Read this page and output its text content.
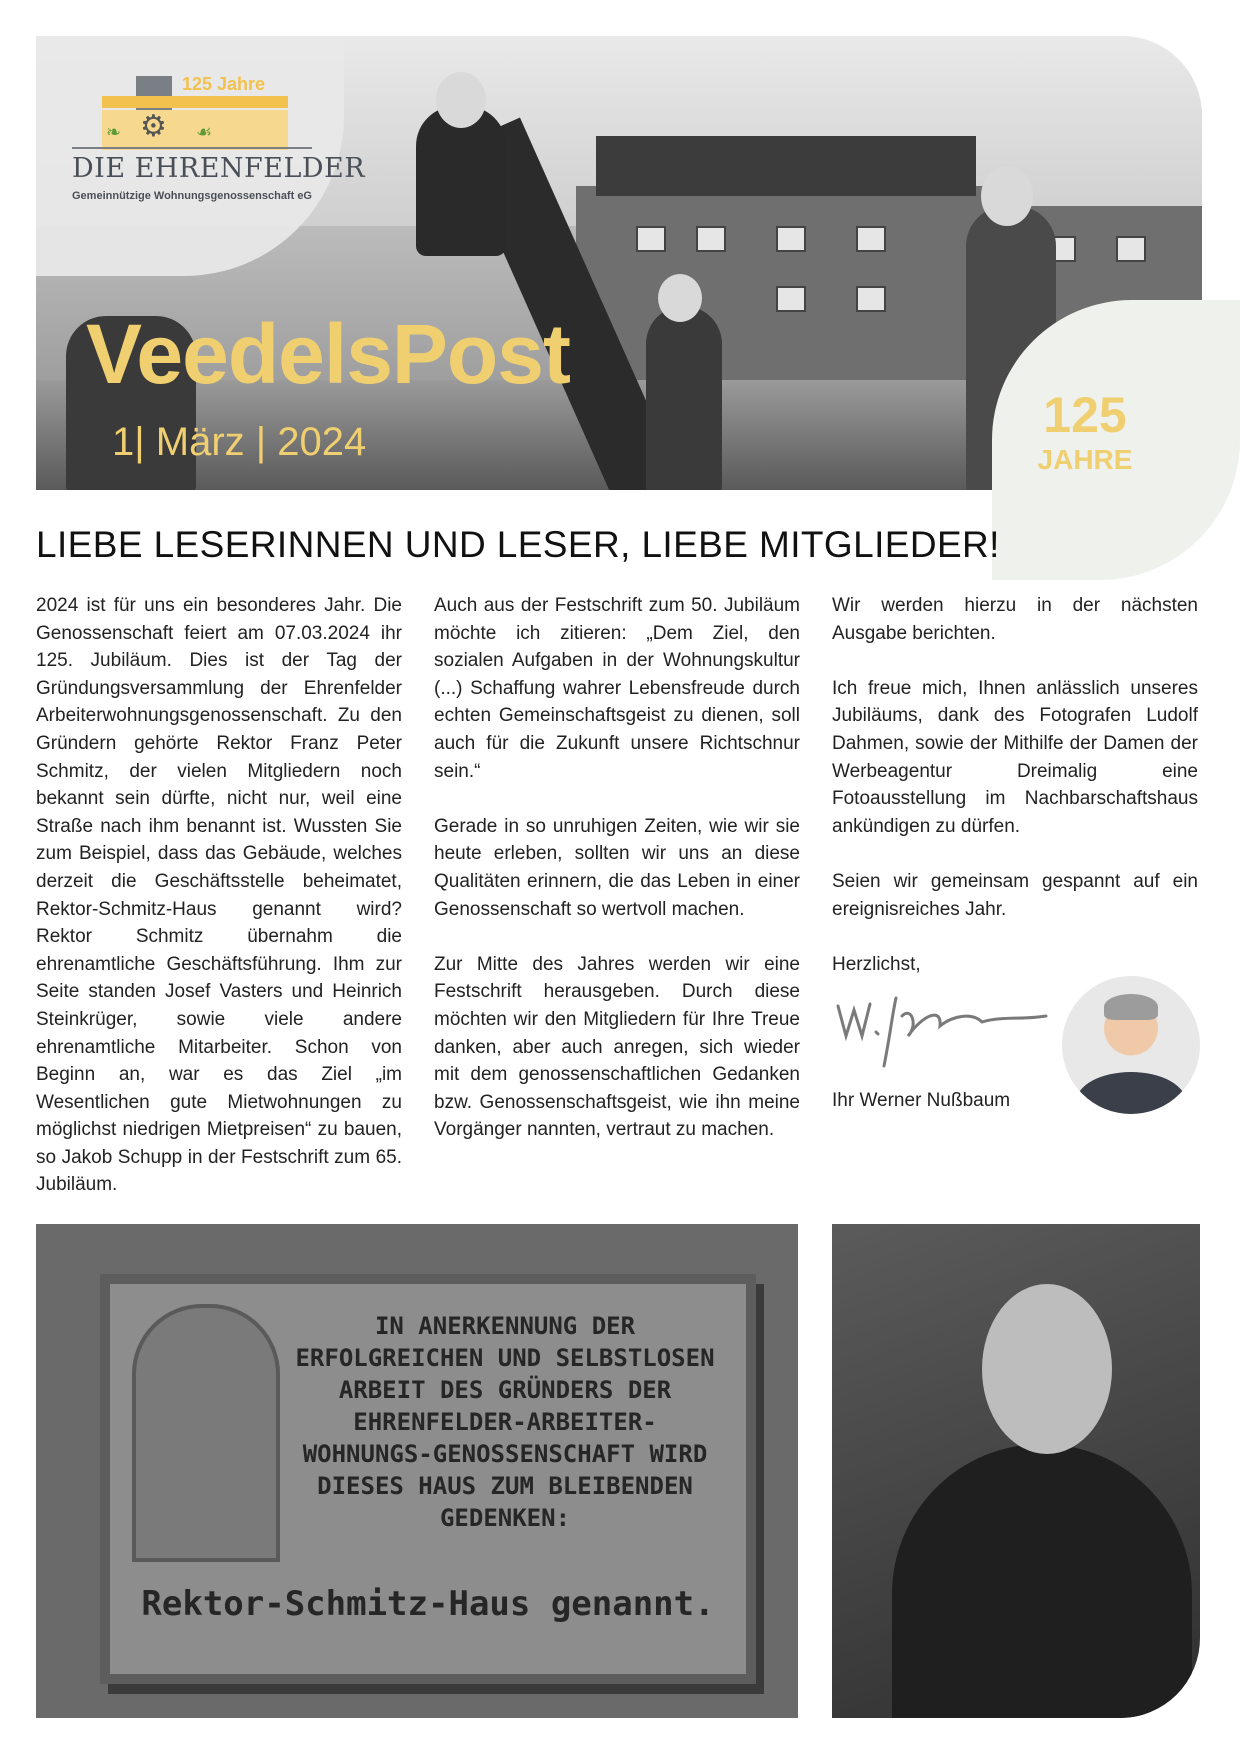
⚙
❧	☙
125 Jahre
DIE EHRENFELDER
Gemeinnützige Wohnungsgenossenschaft eG
VeedelsPost
1| März | 2024	125
JAHRE
LIEBE LESERINNEN UND LESER, LIEBE MITGLIEDER!

2024 ist für uns ein besonderes Jahr. Die Genossenschaft feiert am 07.03.2024 ihr 125. Jubiläum. Dies ist der Tag der Gründungsversammlung der Ehrenfelder Arbeiterwohnungsgenossenschaft. Zu den Gründern gehörte Rektor Franz Peter Schmitz, der vielen Mitgliedern noch bekannt sein dürfte, nicht nur, weil eine Straße nach ihm benannt ist. Wussten Sie zum Beispiel, dass das Gebäude, welches derzeit die Geschäftsstelle beheimatet, Rektor-Schmitz-Haus genannt wird? Rektor Schmitz übernahm die ehrenamtliche Geschäftsführung. Ihm zur Seite standen Josef Vasters und Heinrich Steinkrüger, sowie viele andere ehrenamtliche Mitarbeiter. Schon von Beginn an, war es das Ziel „im Wesentlichen gute Mietwohnungen zu möglichst niedrigen Mietpreisen“ zu bauen, so Jakob Schupp in der Festschrift zum 65. Jubiläum.

Auch aus der Festschrift zum 50. Jubiläum möchte ich zitieren: „Dem Ziel, den sozialen Aufgaben in der Wohnungskultur (...) Schaffung wahrer Lebensfreude durch echten Gemeinschaftsgeist zu dienen, soll auch für die Zukunft unsere Richtschnur sein.“

Gerade in so unruhigen Zeiten, wie wir sie heute erleben, sollten wir uns an diese Qualitäten erinnern, die das Leben in einer Genossenschaft so wertvoll machen.

Zur Mitte des Jahres werden wir eine Festschrift herausgeben. Durch diese möchten wir den Mitgliedern für Ihre Treue danken, aber auch anregen, sich wieder mit dem genossenschaftlichen Gedanken bzw. Genossenschaftsgeist, wie ihn meine Vorgänger nannten, vertraut zu machen.

Wir werden hierzu in der nächsten Ausgabe berichten.

Ich freue mich, Ihnen anlässlich unseres Jubiläums, dank des Fotografen Ludolf Dahmen, sowie der Mithilfe der Damen der Werbeagentur Dreimalig eine Fotoausstellung im Nachbarschaftshaus ankündigen zu dürfen.

Seien wir gemeinsam gespannt auf ein ereignisreiches Jahr.

Herzlichst,

Ihr Werner Nußbaum
IN ANERKENNUNG DER ERFOLGREICHEN UND SELBSTLOSEN ARBEIT DES GRÜNDERS DER EHRENFELDER-ARBEITER-WOHNUNGS-GENOSSENSCHAFT WIRD DIESES HAUS ZUM BLEIBENDEN GEDENKEN:
Rektor-Schmitz-Haus genannt.
